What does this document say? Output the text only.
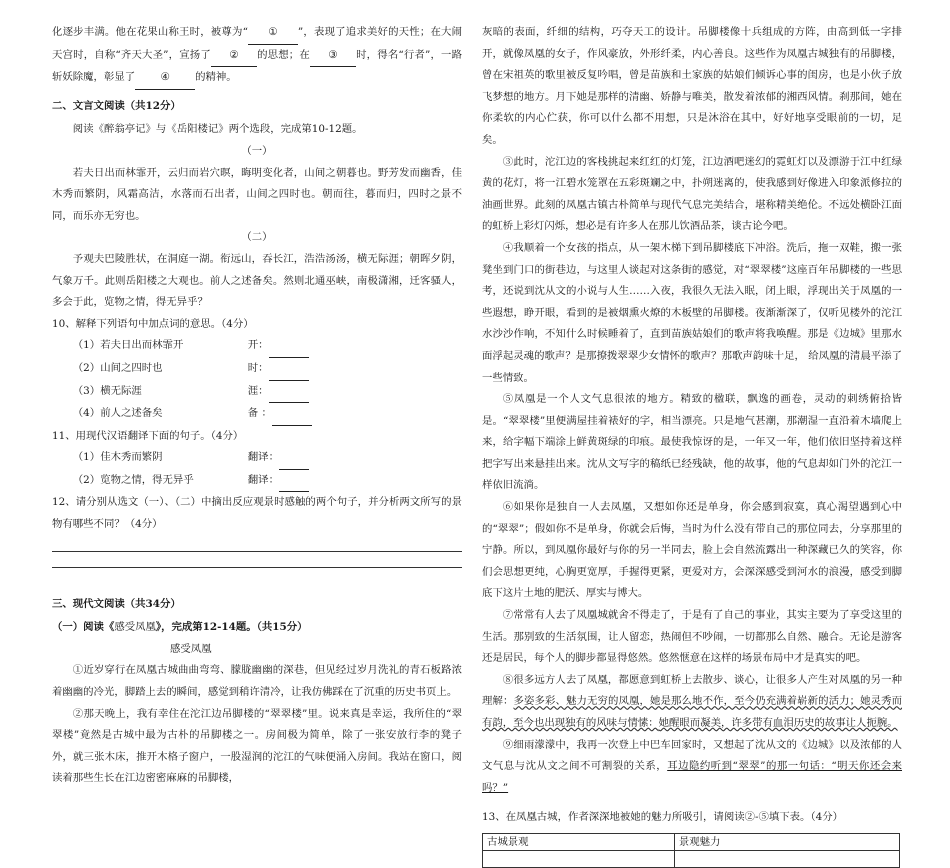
化逐步丰满。他在花果山称王时，被尊为“ ① ”，表现了追求美好的天性；在大闹天宫时，自称“齐天大圣”，宣扬了 ② 的思想；在 ③ 时，得名“行者”，一路斩妖除魔，彰显了 ④ 的精神。

二、文言文阅读（共12分）

阅读《醉翁亭记》与《岳阳楼记》两个选段，完成第10-12题。

（一）

若夫日出而林霏开，云归而岩穴暝，晦明变化者，山间之朝暮也。野芳发而幽香，佳木秀而繁阴，风霜高洁，水落而石出者，山间之四时也。朝而往，暮而归，四时之景不同，而乐亦无穷也。

（二）

予观夫巴陵胜状，在洞庭一湖。衔远山，吞长江，浩浩汤汤，横无际涯；朝晖夕阴，气象万千。此则岳阳楼之大观也。前人之述备矣。然则北通巫峡，南极潇湘，迁客骚人，多会于此，览物之情，得无异乎？

10、解释下列语句中加点词的意思。（4分）

（1）若夫日出而林霏开	开：

（2）山间之四时也	时：

（3）横无际涯	涯：

（4）前人之述备矣	备 ：

11、用现代汉语翻译下面的句子。（4分）

（1）佳木秀而繁阴	翻译：

（2）览物之情，得无异乎	翻译：

12、请分别从选文（一）、（二）中摘出反应观景时感触的两个句子，并分析两文所写的景物有哪些不同？（4分）

三、现代文阅读（共34分）

（一）阅读《感受凤凰》，完成第12-14题。（共15分）

感受凤凰

①近岁穿行在凤凰古城曲曲弯弯、朦胧幽幽的深巷，但见经过岁月洗礼的青石板路浓着幽幽的冷光，脚踏上去的瞬间，感觉到稍许清冷，让我仿佛踩在了沉重的历史书页上。

②那天晚上，我有幸住在沱江边吊脚楼的“翠翠楼”里。说来真是幸运，我所住的“翠翠楼”竟然是古城中最为古朴的吊脚楼之一。房间极为简单，除了一张安放行李的凳子外，就三张木床，推开木格子窗户，一股湿润的沱江的气味便涌入房间。我站在窗口，阅读着那些生长在江边密密麻麻的吊脚楼，

灰暗的表面，纤细的结构，巧夺天工的设计。吊脚楼像十兵组成的方阵，由高到低一字排开，就像凤凰的女子，作风豪放，外形纤柔，内心善良。这些作为凤凰古城独有的吊脚楼，曾在宋祖英的歌里被反复吟唱，曾是苗族和土家族的姑娘们倾诉心事的闺房，也是小伙子放飞梦想的地方。月下她是那样的清幽、娇静与唯美，散发着浓郁的湘西风情。刹那间，她在你柔软的内心伫获，你可以什么都不用想，只是沐浴在其中，好好地享受眼前的一切，足矣。

③此时，沱江边的客栈挑起来红红的灯笼，江边酒吧迷幻的霓虹灯以及漂游于江中红绿黄的花灯，将一江碧水笼罩在五彩斑斓之中，扑朔迷离的，使我感到好像进入印象派修拉的油画世界。此刻的凤凰古镇古朴简单与现代气息完美结合，堪称精美绝伦。不远处横卧江面的虹桥上彩灯闪烁，想必是有许多人在那儿饮酒品茶，谈古论今吧。

④我顺着一个女孩的指点，从一架木梯下到吊脚楼底下冲浴。洗后，拖一双鞋，搬一张凳坐到门口的街巷边，与这里人谈起对这条街的感觉，对“翠翠楼”这座百年吊脚楼的一些思考，还说到沈从文的小说与人生……入夜，我很久无法入眠，闭上眼，浮现出关于凤凰的一些遐想，睁开眼，看到的是被烟熏火燎的木板壁的吊脚楼。夜渐渐深了，仅听见楼外的沱江水沙沙作响，不知什么时候睡着了，直到苗族姑娘们的歌声将我唤醒。那是《边城》里那水面浮起灵魂的歌声？是那撩拨翠翠少女情怀的歌声？那歌声韵味十足， 给凤凰的清晨平添了一些情致。

⑤凤凰是一个人文气息很浓的地方。精致的楹联，飘逸的画卷，灵动的刺绣俯拾皆是。“翠翠楼”里便满屋挂着裱好的字，相当漂亮。只是地气甚潮，那潮湿一直沿着木墙爬上来，给字幅下端涂上鲜黄斑绿的印痕。最使我惊讶的是，一年又一年，他们依旧坚持着这样把字写出来悬挂出来。沈从文写字的稿纸已经残缺，他的故事，他的气息却如门外的沱江一样依旧流淌。

⑥如果你是独自一人去凤凰，又想如你还是单身，你会感到寂寞，真心渴望遇到心中的“翠翠”；假如你不是单身，你就会后悔，当时为什么没有带自己的那位同去，分享那里的宁静。所以，到凤凰你最好与你的另一半同去，脸上会自然流露出一种深藏已久的笑容，你们会思想更纯，心胸更宽厚，手握得更紧，更爱对方，会深深感受到河水的浪漫，感受到脚底下这片土地的肥沃、厚实与博大。

⑦常常有人去了凤凰城就舍不得走了，于是有了自己的事业，其实主要为了享受这里的生活。那别致的生活氛围，让人留恋，热闹但不吵闹，一切都那么自然、融合。无论是游客还是居民，每个人的脚步都显得悠然。悠然惬意在这样的场景布局中才是真实的吧。

⑧很多远方人去了凤凰，都愿意到虹桥上去散步、谈心，让很多人产生对凤凰的另一种理解：多姿多彩、魅力无穷的凤凰，她是那么地不作，至今仍充满着崭新的活力；她灵秀而有韵，至今也出现独有的风味与情愫：她醒眼而凝美，许多带有血泪历史的故事让人扼腕。

⑨细雨濛濛中，我再一次登上中巴车回家时，又想起了沈从文的《边城》以及浓郁的人文气息与沈从文之间不可割裂的关系，耳边隐约听到“翠翠”的那一句话：“明天你还会来吗？”

13、在凤凰古城，作者深深地被她的魅力所吸引，请阅读②-⑤填下表。（4分）

古城景观	景观魅力
